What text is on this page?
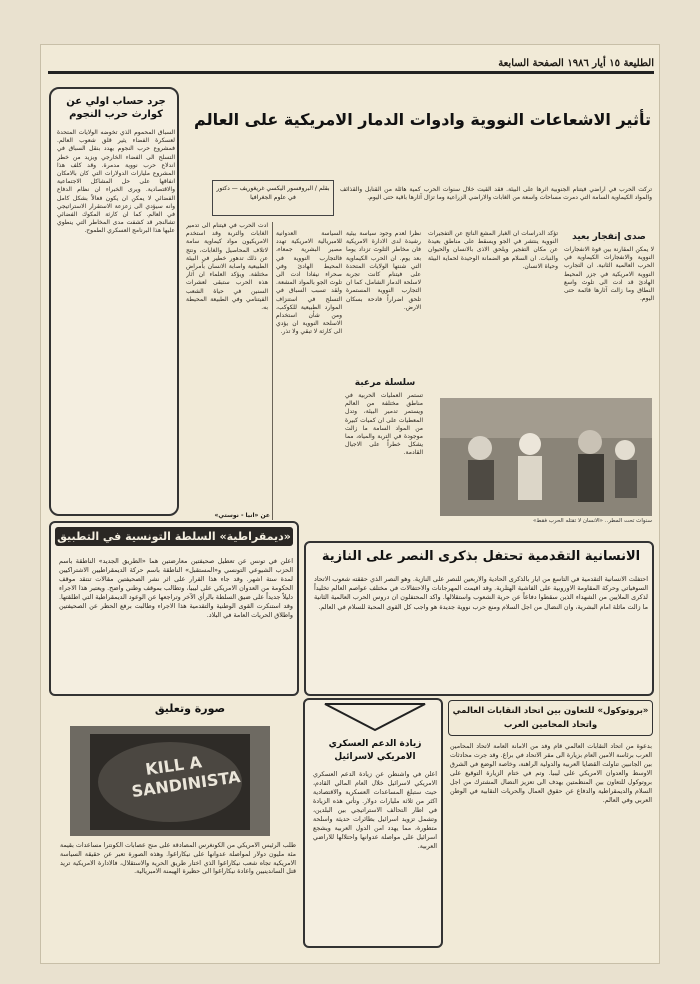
الطليعة ١٥ أيار ١٩٨٦ الصفحة السابعة
جرد حساب اولي عن كوارث حرب النجوم
السباق المحموم الذي تخوضه الولايات المتحدة لعسكرة الفضاء يثير قلق شعوب العالم. فمشروع حرب النجوم يهدد بنقل السباق في التسلح الى الفضاء الخارجي ويزيد من خطر اندلاع حرب نووية مدمرة. وقد كلف هذا المشروع مليارات الدولارات التي كان بالامكان انفاقها على حل المشاكل الاجتماعية والاقتصادية. ويرى الخبراء ان نظام الدفاع الفضائي لا يمكن ان يكون فعالاً بشكل كامل وانه سيؤدي الى زعزعة الاستقرار الاستراتيجي في العالم. كما ان كارثة المكوك الفضائي تشالنجر قد كشفت مدى المخاطر التي ينطوي عليها هذا البرنامج العسكري الطموح.
تأثير الاشعاعات النووية وادوات الدمار الامريكية على العالم
تركت الحرب في اراضي فيتنام الجنوبية اثرها على البيئة. فقد القيت خلال سنوات الحرب كمية هائلة من القنابل والقذائف والمواد الكيماوية السامة التي دمرت مساحات واسعة من الغابات والاراضي الزراعية وما تزال آثارها باقية حتى اليوم.
بقلم / البروفسور اليكسي غريغوريف — دكتور في علوم الجغرافيا
ادت الحرب في فيتنام الى تدمير الغابات والتربة وقد استخدم الامريكيون مواد كيماوية سامة لاتلاف المحاصيل والغابات، ونتج عن ذلك تدهور خطير في البيئة الطبيعية واصابة الانسان بأمراض مختلفة. ويؤكد العلماء ان آثار هذه الحرب ستبقى لعشرات السنين في حياة الشعب الفيتنامي وفي الطبيعة المحيطة به.
السياسة العدوانية للامبريالية الامريكية تهدد مصير البشرية جمعاء، فالتجارب النووية في المحيط الهادئ وفي صحراء نيفادا ادت الى تلوث الجو بالمواد المشعة. ولقد تسبب السباق في التسلح في استنزاف الموارد الطبيعية للكوكب، ومن شأن استخدام الاسلحة النووية ان يؤدي الى كارثة لا تبقي ولا تذر.
سلسلة مرعبة
تستمر العمليات الحربية في مناطق مختلفة من العالم ويستمر تدمير البيئة، وتدل المعطيات على ان كميات كبيرة من المواد السامة ما زالت موجودة في التربة والمياه، مما يشكل خطراً على الاجيال القادمة.
نظراً لعدم وجود سياسة بيئية رشيدة لدى الادارة الامريكية فان مخاطر التلوث تزداد يوما بعد يوم. ان الحرب الكيماوية التي شنتها الولايات المتحدة على فيتنام كانت تجربة لاسلحة الدمار الشامل، كما ان التجارب النووية المستمرة تلحق اضراراً فادحة بسكان الارض.
تؤكد الدراسات ان الغبار المشع الناتج عن التفجيرات النووية ينتشر في الجو ويسقط على مناطق بعيدة عن مكان التفجير ويلحق الاذى بالانسان والحيوان والنبات. ان السلام هو الضمانة الوحيدة لحماية البيئة وحياة الانسان.
صدى إنفجار بعيد
لا يمكن المقارنة بين قوة الانفجارات النووية والانفجارات الكيماوية في الحرب العالمية الثانية. ان التجارب النووية الامريكية في جزر المحيط الهادئ قد ادت الى تلوث واسع النطاق وما زالت آثارها قائمة حتى اليوم.
عن «انبا - نوستي»
سنوات تحت المطر.. «الانسان لا تقتله الحرب فقط»
«ديمقراطية» السلطة التونسية في التطبيق
اعلن في تونس عن تعطيل صحيفتين معارضتين هما «الطريق الجديد» الناطقة باسم الحزب الشيوعي التونسي و«المستقبل» الناطقة باسم حركة الديمقراطيين الاشتراكيين لمدة ستة اشهر. وقد جاء هذا القرار على اثر نشر الصحيفتين مقالات تنتقد موقف الحكومة من العدوان الامريكي على ليبيا، وتطالب بموقف وطني واضح. ويعتبر هذا الاجراء دليلاً جديداً على ضيق السلطة بالرأي الآخر وتراجعها عن الوعود الديمقراطية التي اطلقتها. وقد استنكرت القوى الوطنية والتقدمية هذا الاجراء وطالبت برفع الحظر عن الصحيفتين واطلاق الحريات العامة في البلاد.
الانسانية التقدمية تحتفل بذكرى النصر على النازية
احتفلت الانسانية التقدمية في التاسع من ايار بالذكرى الحادية والاربعين للنصر على النازية. وهو النصر الذي حققته شعوب الاتحاد السوفياتي وحركة المقاومة الاوروبية على الفاشية الهتلرية. وقد اقيمت المهرجانات والاحتفالات في مختلف عواصم العالم تخليداً لذكرى الملايين من الشهداء الذين سقطوا دفاعاً عن حرية الشعوب واستقلالها. واكد المحتفلون ان دروس الحرب العالمية الثانية ما زالت ماثلة امام البشرية، وان النضال من اجل السلام ومنع حرب نووية جديدة هو واجب كل القوى المحبة للسلام في العالم.
صورة وتعليق
KILL A SANDINISTA
طلب الرئيس الامريكي من الكونغرس المصادقة على منح عصابات الكونترا مساعدات بقيمة مئة مليون دولار لمواصلة عدوانها على نيكاراغوا. وهذه الصورة تعبر عن حقيقة السياسة الامريكية تجاه شعب نيكاراغوا الذي اختار طريق الحرية والاستقلال، فالادارة الامريكية تريد قتل الساندينيين واعادة نيكاراغوا الى حظيرة الهيمنة الامبريالية.
زيادة الدعم العسكري الامريكي لاسرائيل
اعلن في واشنطن عن زيادة الدعم العسكري الامريكي لاسرائيل خلال العام المالي القادم، حيث ستبلغ المساعدات العسكرية والاقتصادية اكثر من ثلاثة مليارات دولار. وتأتي هذه الزيادة في اطار التحالف الاستراتيجي بين البلدين، وتشمل تزويد اسرائيل بطائرات حديثة واسلحة متطورة، مما يهدد امن الدول العربية ويشجع اسرائيل على مواصلة عدوانها واحتلالها للاراضي العربية.
«بروتوكول» للتعاون بين اتحاد النقابات العالمي واتحاد المحامين العرب
بدعوة من اتحاد النقابات العالمي قام وفد من الامانة العامة لاتحاد المحامين العرب برئاسة الامين العام بزيارة الى مقر الاتحاد في براغ. وقد جرت محادثات بين الجانبين تناولت القضايا العربية والدولية الراهنة، وخاصة الوضع في الشرق الاوسط والعدوان الامريكي على ليبيا. وتم في ختام الزيارة التوقيع على بروتوكول للتعاون بين المنظمتين يهدف الى تعزيز النضال المشترك من اجل السلام والديمقراطية والدفاع عن حقوق العمال والحريات النقابية في الوطن العربي وفي العالم.
